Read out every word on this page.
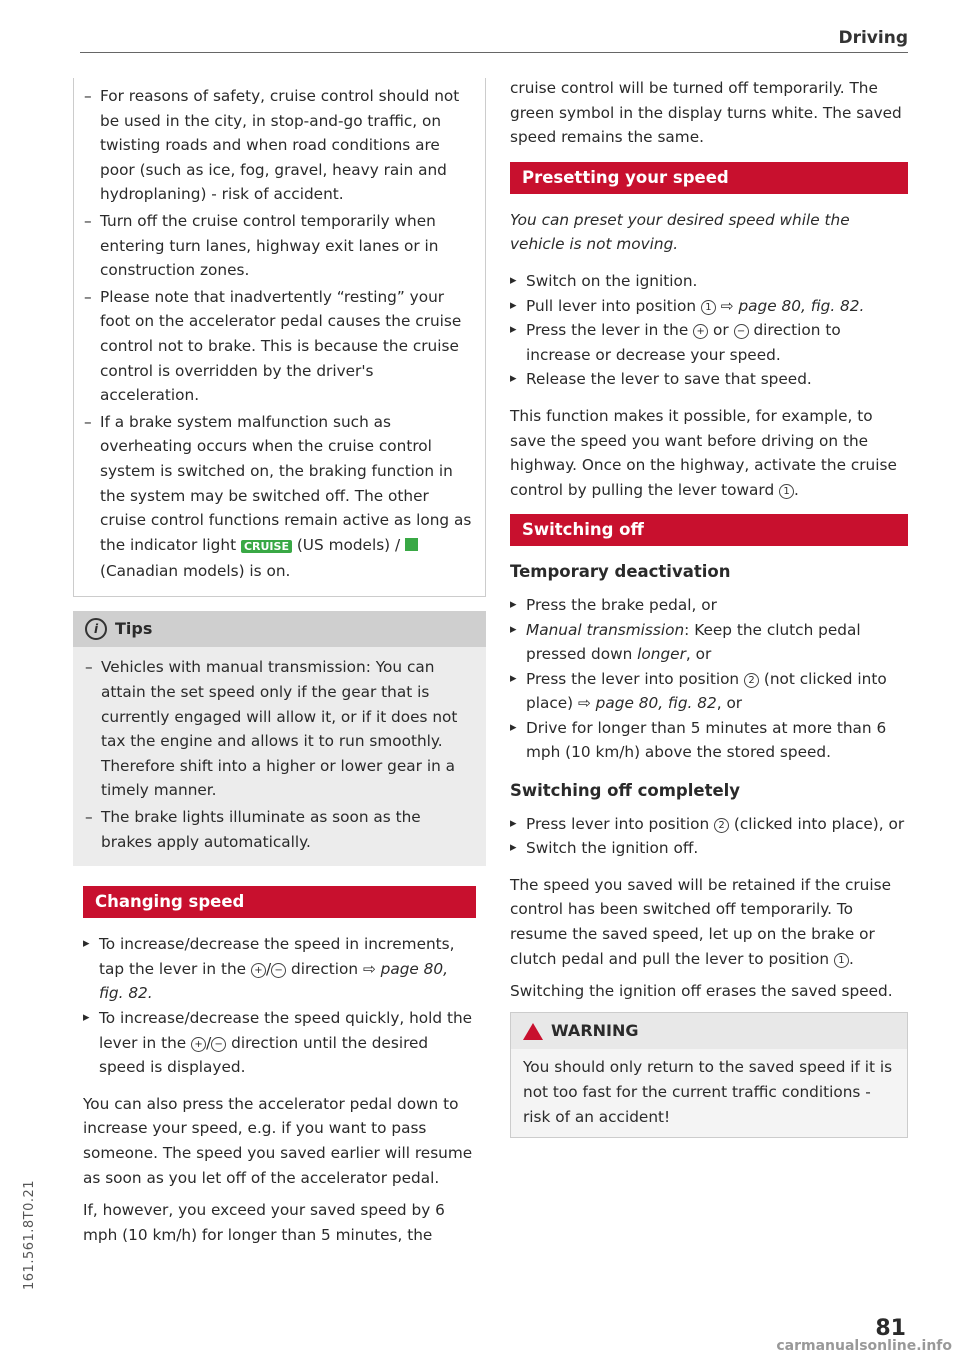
Driving

– For reasons of safety, cruise control should not be used in the city, in stop-and-go traffic, on twisting roads and when road conditions are poor (such as ice, fog, gravel, heavy rain and hydroplaning) - risk of accident.

– Turn off the cruise control temporarily when entering turn lanes, highway exit lanes or in construction zones.

– Please note that inadvertently “resting” your foot on the accelerator pedal causes the cruise control not to brake. This is because the cruise control is overridden by the driver's acceleration.

– If a brake system malfunction such as overheating occurs when the cruise control system is switched on, the braking function in the system may be switched off. The other cruise control functions remain active as long as the indicator light CRUISE (US models) /  (Canadian models) is on.

i	Tips

– Vehicles with manual transmission: You can attain the set speed only if the gear that is currently engaged will allow it, or if it does not tax the engine and allows it to run smoothly. Therefore shift into a higher or lower gear in a timely manner.

– The brake lights illuminate as soon as the brakes apply automatically.

Changing speed

▸ To increase/decrease the speed in increments, tap the lever in the + / − direction ⇨ page 80, fig. 82.

▸ To increase/decrease the speed quickly, hold the lever in the + / − direction until the desired speed is displayed.

You can also press the accelerator pedal down to increase your speed, e.g. if you want to pass someone. The speed you saved earlier will resume as soon as you let off of the accelerator pedal.

If, however, you exceed your saved speed by 6 mph (10 km/h) for longer than 5 minutes, the

cruise control will be turned off temporarily. The green symbol in the display turns white. The saved speed remains the same.

Presetting your speed

You can preset your desired speed while the vehicle is not moving.

▸ Switch on the ignition.

▸ Pull lever into position 1 ⇨ page 80, fig. 82.

▸ Press the lever in the + or − direction to increase or decrease your speed.

▸ Release the lever to save that speed.

This function makes it possible, for example, to save the speed you want before driving on the highway. Once on the highway, activate the cruise control by pulling the lever toward 1 .

Switching off
Temporary deactivation

▸ Press the brake pedal, or

▸ Manual transmission: Keep the clutch pedal pressed down longer, or

▸ Press the lever into position 2 (not clicked into place) ⇨ page 80, fig. 82, or

▸ Drive for longer than 5 minutes at more than 6 mph (10 km/h) above the stored speed.

Switching off completely

▸ Press lever into position 2 (clicked into place), or

▸ Switch the ignition off.

The speed you saved will be retained if the cruise control has been switched off temporarily. To resume the saved speed, let up on the brake or clutch pedal and pull the lever to position 1 .

Switching the ignition off erases the saved speed.

WARNING
You should only return to the saved speed if it is not too fast for the current traffic conditions - risk of an accident!
161.561.8T0.21
81
carmanualsonline.info
